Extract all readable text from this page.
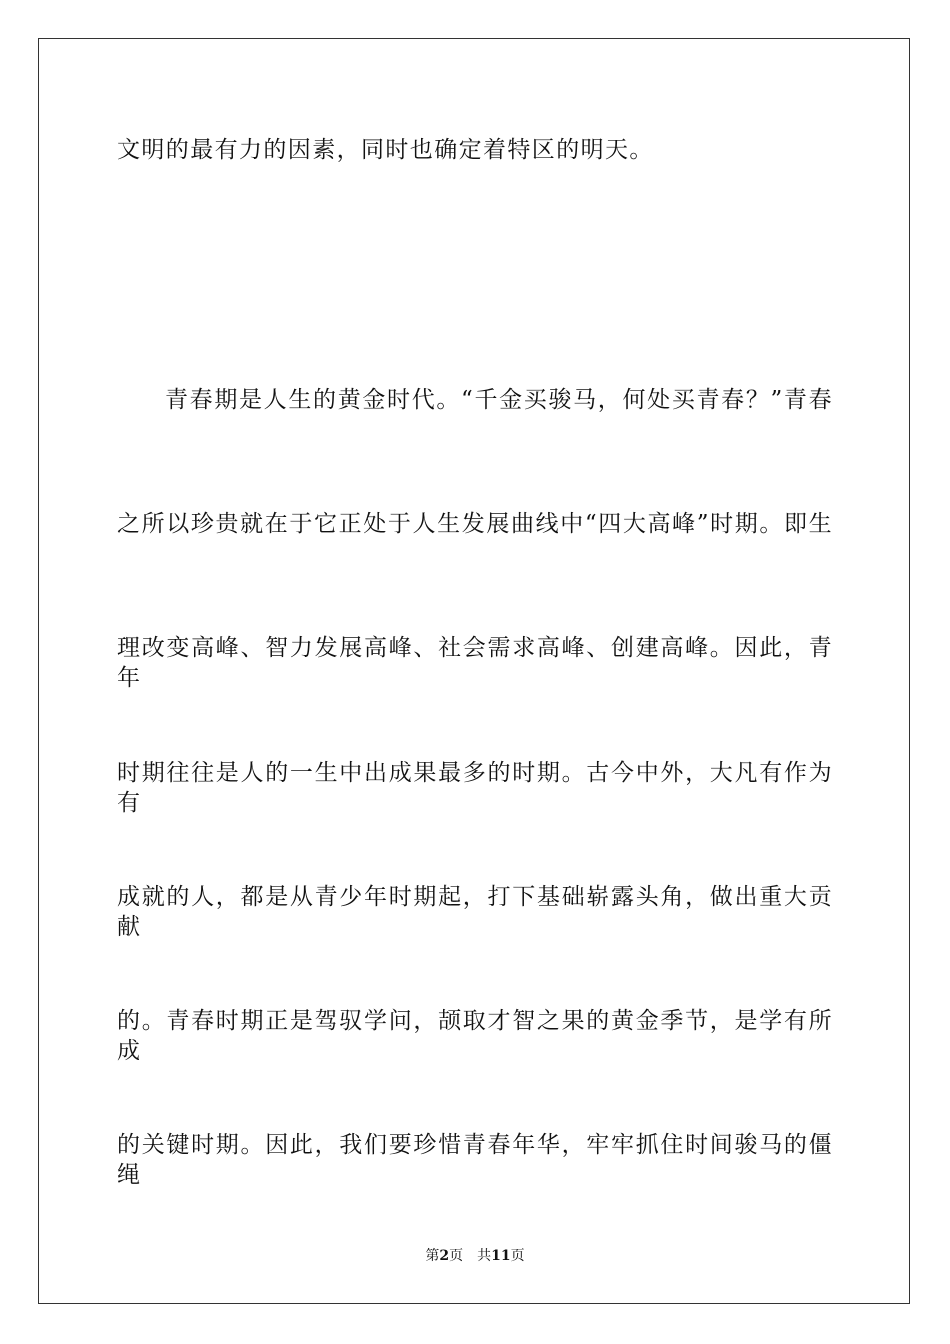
文明的最有力的因素，同时也确定着特区的明天。
青春期是人生的黄金时代。“千金买骏马，何处买青春？”青春
之所以珍贵就在于它正处于人生发展曲线中“四大高峰”时期。即生
理改变高峰、智力发展高峰、社会需求高峰、创建高峰。因此，青年
时期往往是人的一生中出成果最多的时期。古今中外，大凡有作为有
成就的人，都是从青少年时期起，打下基础崭露头角，做出重大贡献
的。青春时期正是驾驭学问，颉取才智之果的黄金季节，是学有所成
的关键时期。因此，我们要珍惜青春年华，牢牢抓住时间骏马的僵绳
第2页 共11页
